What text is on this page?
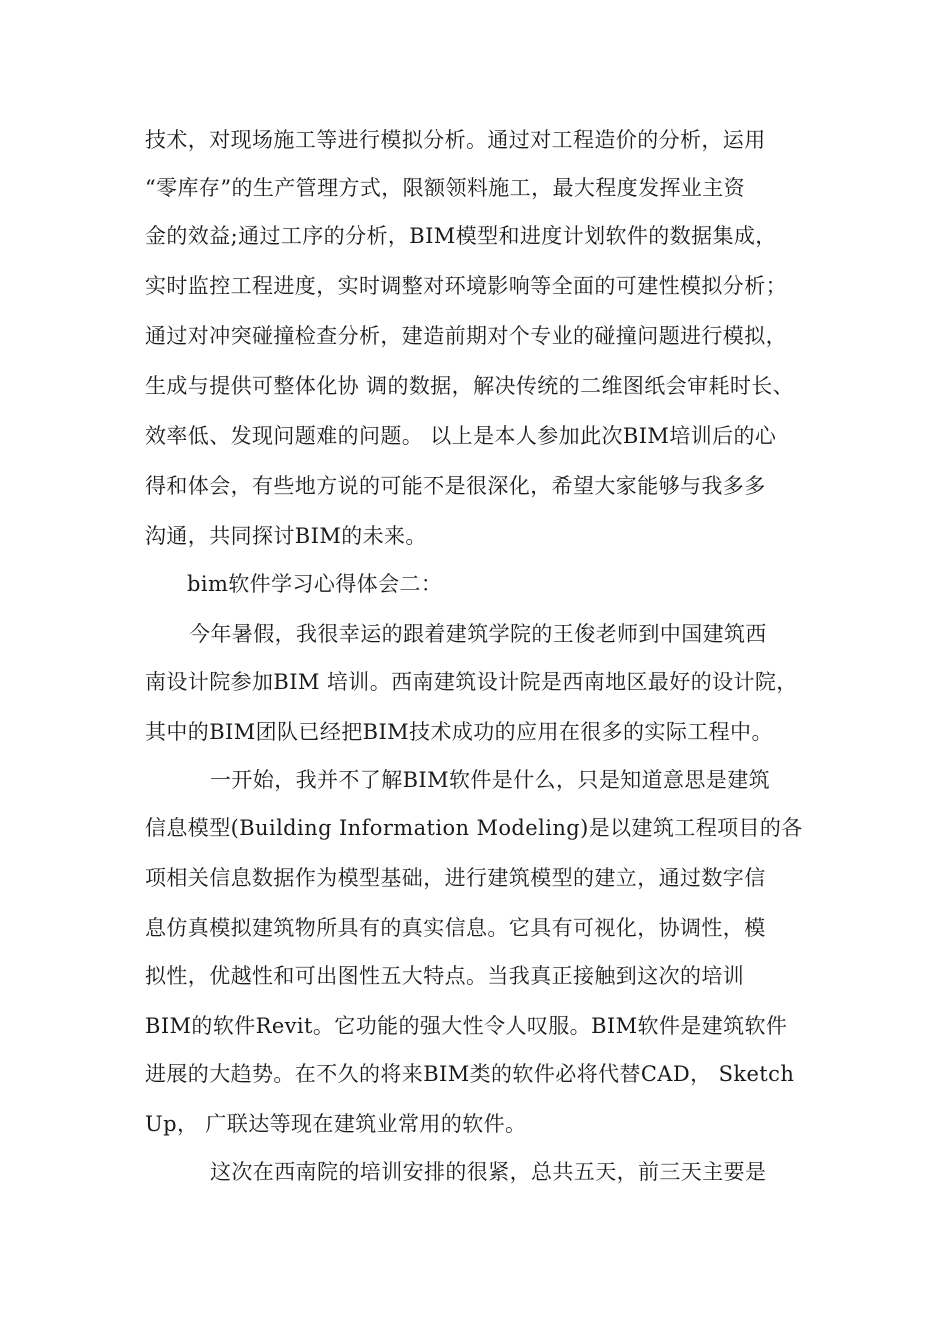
技术，对现场施工等进行模拟分析。通过对工程造价的分析，运用
“零库存”的生产管理方式，限额领料施工，最大程度发挥业主资
金的效益;通过工序的分析，BIM模型和进度计划软件的数据集成，
实时监控工程进度，实时调整对环境影响等全面的可建性模拟分析；
通过对冲突碰撞检查分析，建造前期对个专业的碰撞问题进行模拟，
生成与提供可整体化协 调的数据，解决传统的二维图纸会审耗时长、
效率低、发现问题难的问题。 以上是本人参加此次BIM培训后的心
得和体会，有些地方说的可能不是很深化，希望大家能够与我多多
沟通，共同探讨BIM的未来。
bim软件学习心得体会二：
今年暑假，我很幸运的跟着建筑学院的王俊老师到中国建筑西
南设计院参加BIM 培训。西南建筑设计院是西南地区最好的设计院，
其中的BIM团队已经把BIM技术成功的应用在很多的实际工程中。
一开始，我并不了解BIM软件是什么，只是知道意思是建筑
信息模型(Building Information Modeling)是以建筑工程项目的各
项相关信息数据作为模型基础，进行建筑模型的建立，通过数字信
息仿真模拟建筑物所具有的真实信息。它具有可视化，协调性，模
拟性，优越性和可出图性五大特点。当我真正接触到这次的培训
BIM的软件Revit。它功能的强大性令人叹服。BIM软件是建筑软件
进展的大趋势。在不久的将来BIM类的软件必将代替CAD， Sketch
Up， 广联达等现在建筑业常用的软件。
这次在西南院的培训安排的很紧，总共五天，前三天主要是
